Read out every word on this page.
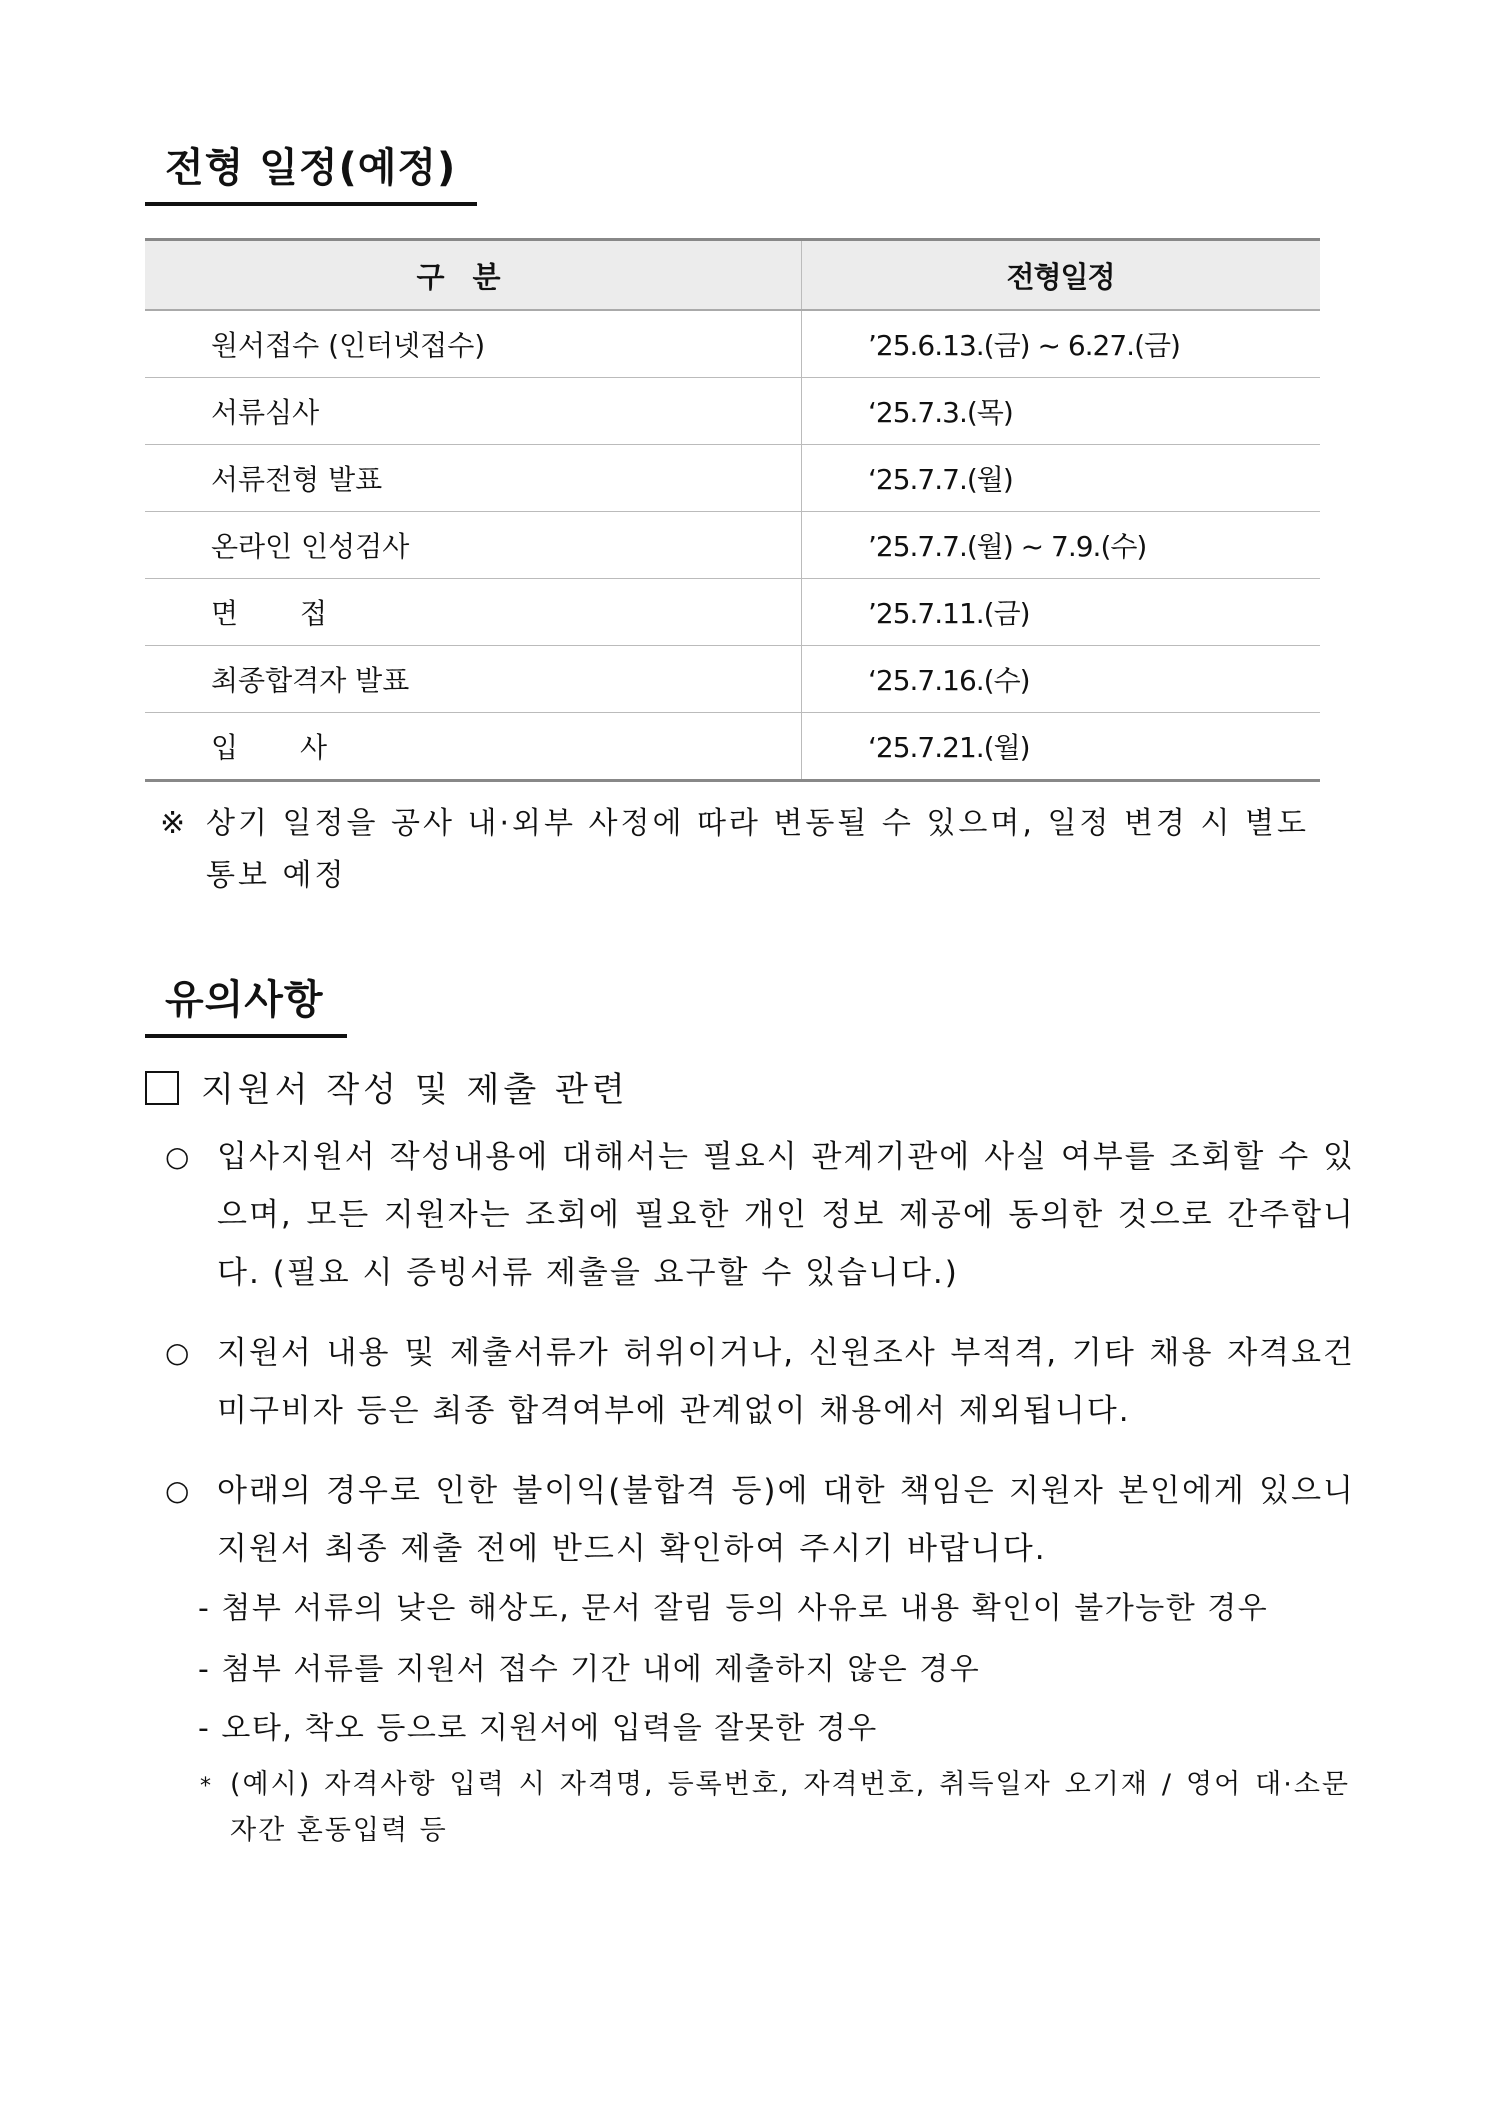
전형 일정(예정)
구분	전형일정
원서접수 (인터넷접수)	’25.6.13.(금) ~ 6.27.(금)
서류심사	‘25.7.3.(목)
서류전형 발표	‘25.7.7.(월)
온라인 인성검사	’25.7.7.(월) ~ 7.9.(수)
면접	’25.7.11.(금)
최종합격자 발표	‘25.7.16.(수)
입사	‘25.7.21.(월)
※ 상기 일정을 공사 내·외부 사정에 따라 변동될 수 있으며, 일정 변경 시 별도 통보 예정
유의사항
지원서 작성 및 제출 관련
○ 입사지원서 작성내용에 대해서는 필요시 관계기관에 사실 여부를 조회할 수 있으며, 모든 지원자는 조회에 필요한 개인 정보 제공에 동의한 것으로 간주합니다. (필요 시 증빙서류 제출을 요구할 수 있습니다.)
○ 지원서 내용 및 제출서류가 허위이거나, 신원조사 부적격, 기타 채용 자격요건 미구비자 등은 최종 합격여부에 관계없이 채용에서 제외됩니다.
○ 아래의 경우로 인한 불이익(불합격 등)에 대한 책임은 지원자 본인에게 있으니 지원서 최종 제출 전에 반드시 확인하여 주시기 바랍니다.
- 첨부 서류의 낮은 해상도, 문서 잘림 등의 사유로 내용 확인이 불가능한 경우
- 첨부 서류를 지원서 접수 기간 내에 제출하지 않은 경우
- 오타, 착오 등으로 지원서에 입력을 잘못한 경우
* (예시) 자격사항 입력 시 자격명, 등록번호, 자격번호, 취득일자 오기재 / 영어 대·소문자간 혼동입력 등
